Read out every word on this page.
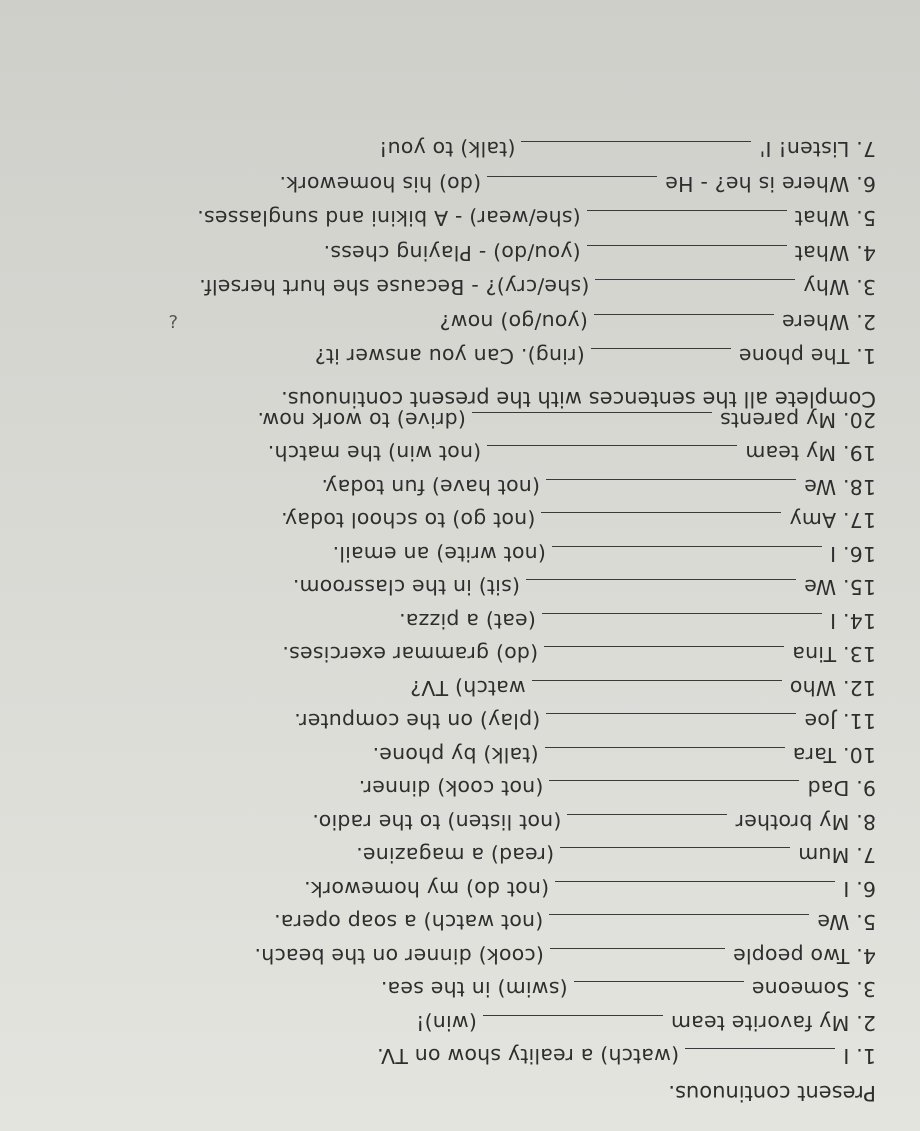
Present continuous.
1. I
(watch) a reality show on TV.
2. My favorite team
(win)!
3. Someone
(swim) in the sea.
4. Two people
(cook) dinner on the beach.
5. We
(not watch) a soap opera.
6. I
(not do) my homework.
7. Mum
(read) a magazine.
8. My brother
(not listen) to the radio.
9. Dad
(not cook) dinner.
10. Tara
(talk) by phone.
11. Joe
(play) on the computer.
12. Who
watch) TV?
13. Tina
(do) grammar exercises.
14. I
(eat) a pizza.
15. We
(sit) in the classroom.
16. I
(not write) an email.
17. Amy
(not go) to school today.
18. We
(not have) fun today.
19. My team
(not win) the match.
20. My parents
(drive) to work now.
Complete all the sentences with the present continuous.
1. The phone
(ring). Can you answer it?
2. Where
(you/go) now?
3. Why
(she/cry)? - Because she hurt herself.
4. What
(you/do) - Playing chess.
5. What
(she/wear) - A bikini and sunglasses.
6. Where is he? - He
(do) his homework.
7. Listen! I'
(talk) to you!
?
